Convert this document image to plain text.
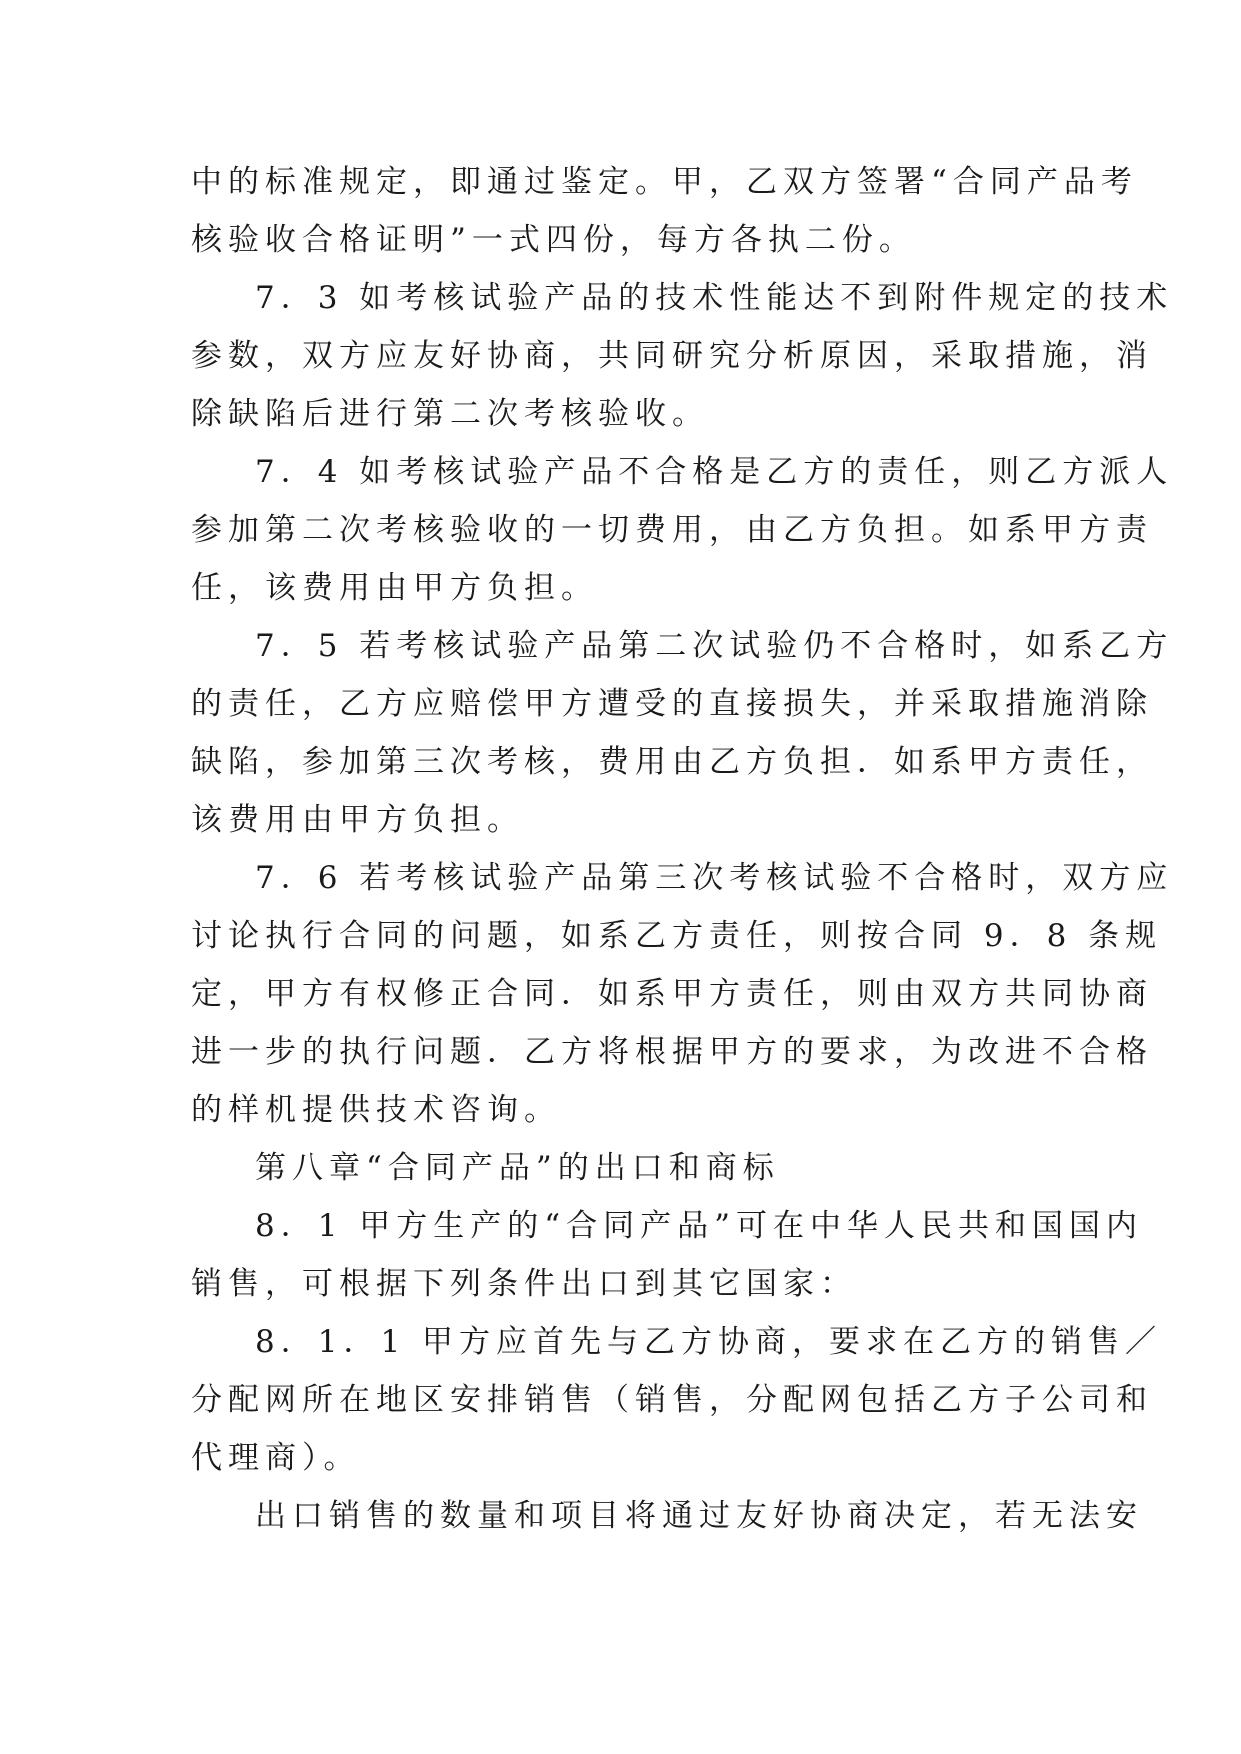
中的标准规定，即通过鉴定。甲，乙双方签署“合同产品考
核验收合格证明”一式四份，每方各执二份。
7．3 如考核试验产品的技术性能达不到附件规定的技术
参数，双方应友好协商，共同研究分析原因，采取措施，消
除缺陷后进行第二次考核验收。
7．4 如考核试验产品不合格是乙方的责任，则乙方派人
参加第二次考核验收的一切费用，由乙方负担。如系甲方责
任，该费用由甲方负担。
7．5 若考核试验产品第二次试验仍不合格时，如系乙方
的责任，乙方应赔偿甲方遭受的直接损失，并采取措施消除
缺陷，参加第三次考核，费用由乙方负担．如系甲方责任，
该费用由甲方负担。
7．6 若考核试验产品第三次考核试验不合格时，双方应
讨论执行合同的问题，如系乙方责任，则按合同 9．8 条规
定，甲方有权修正合同．如系甲方责任，则由双方共同协商
进一步的执行问题．乙方将根据甲方的要求，为改进不合格
的样机提供技术咨询。
第八章“合同产品”的出口和商标
8．1 甲方生产的“合同产品”可在中华人民共和国国内
销售，可根据下列条件出口到其它国家：
8．1．1 甲方应首先与乙方协商，要求在乙方的销售／
分配网所在地区安排销售（销售，分配网包括乙方子公司和
代理商）。
出口销售的数量和项目将通过友好协商决定，若无法安
